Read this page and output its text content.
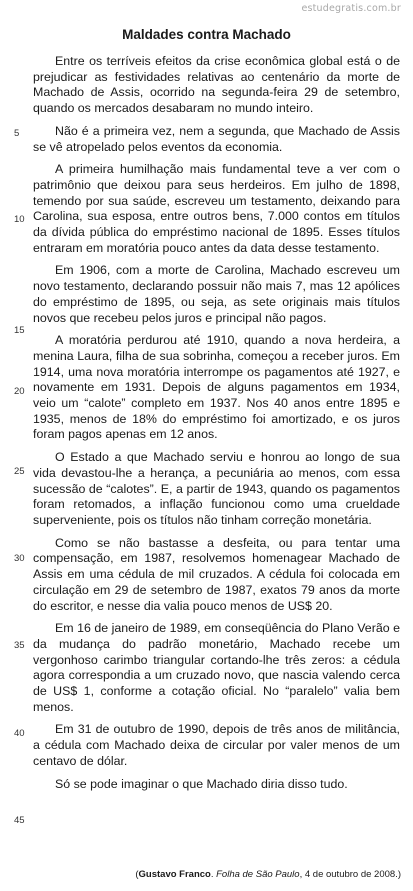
estudegratis.com.br
Maldades contra Machado

Entre os terríveis efeitos da crise econômica global está o de prejudicar as festividades relativas ao centenário da morte de Machado de Assis, ocorrido na segunda-feira 29 de setembro, quando os mercados desabaram no mundo inteiro.

Não é a primeira vez, nem a segunda, que Machado de Assis se vê atropelado pelos eventos da economia.

A primeira humilhação mais fundamental teve a ver com o patrimônio que deixou para seus herdeiros. Em julho de 1898, temendo por sua saúde, escreveu um testamento, deixando para Carolina, sua esposa, entre outros bens, 7.000 contos em títulos da dívida pública do empréstimo nacional de 1895. Esses títulos entraram em moratória pouco antes da data desse testamento.

Em 1906, com a morte de Carolina, Machado escreveu um novo testamento, declarando possuir não mais 7, mas 12 apólices do empréstimo de 1895, ou seja, as sete originais mais títulos novos que recebeu pelos juros e principal não pagos.

A moratória perdurou até 1910, quando a nova herdeira, a menina Laura, filha de sua sobrinha, começou a receber juros. Em 1914, uma nova moratória interrompe os pagamentos até 1927, e novamente em 1931. Depois de alguns pagamentos em 1934, veio um “calote” completo em 1937. Nos 40 anos entre 1895 e 1935, menos de 18% do empréstimo foi amortizado, e os juros foram pagos apenas em 12 anos.

O Estado a que Machado serviu e honrou ao longo de sua vida devastou-lhe a herança, a pecuniária ao menos, com essa sucessão de “calotes”. E, a partir de 1943, quando os pagamentos foram retomados, a inflação funcionou como uma crueldade superveniente, pois os títulos não tinham correção monetária.

Como se não bastasse a desfeita, ou para tentar uma compensação, em 1987, resolvemos homenagear Machado de Assis em uma cédula de mil cruzados. A cédula foi colocada em circulação em 29 de setembro de 1987, exatos 79 anos da morte do escritor, e nesse dia valia pouco menos de US$ 20.

Em 16 de janeiro de 1989, em conseqüência do Plano Verão e da mudança do padrão monetário, Machado recebe um vergonhoso carimbo triangular cortando-lhe três zeros: a cédula agora correspondia a um cruzado novo, que nascia valendo cerca de US$ 1, conforme a cotação oficial. No “paralelo” valia bem menos.

Em 31 de outubro de 1990, depois de três anos de militância, a cédula com Machado deixa de circular por valer menos de um centavo de dólar.

Só se pode imaginar o que Machado diria disso tudo.

5
10
15
20
25
30
35
40
45
(Gustavo Franco. Folha de São Paulo, 4 de outubro de 2008.)
